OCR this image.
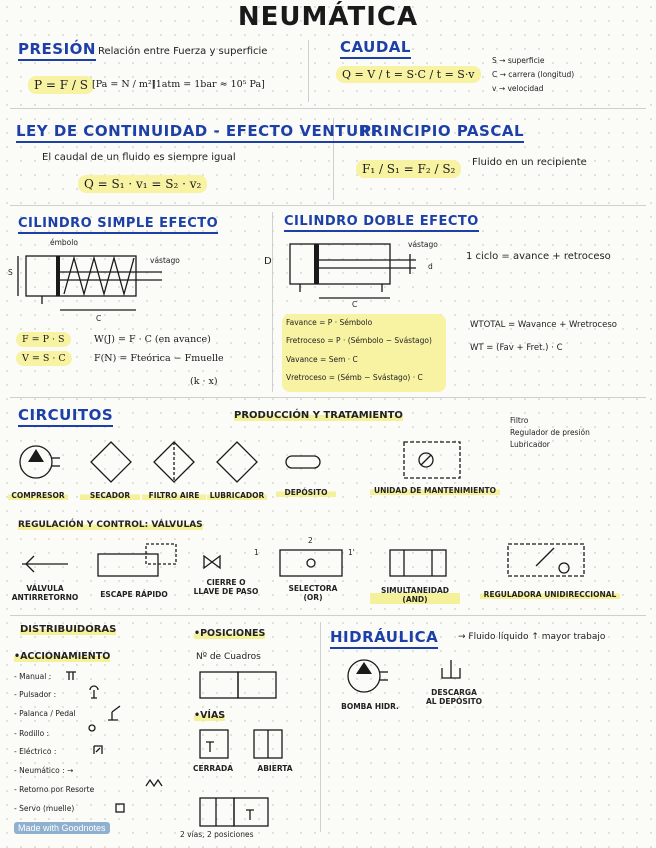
NEUMÁTICA
PRESIÓN Relación entre Fuerza y superficie
P = F / S [Pa = N / m²]
[1atm = 1bar ≈ 10⁵ Pa]
CAUDAL
Q = V / t = S·C / t = S·v
S → superficie
C → carrera (longitud)
v → velocidad
LEY DE CONTINUIDAD - EFECTO VENTURI
El caudal de un fluido es siempre igual
Q = S₁ · v₁ = S₂ · v₂
PRINCIPIO PASCAL
F₁ / S₁ = F₂ / S₂	Fluido en un recipiente
CILINDRO SIMPLE EFECTO
émbolo
vástago
S
C
F = P · S
V = S · C
W(J) = F · C (en avance)
F(N) = Fteórica − Fmuelle
(k · x)
CILINDRO DOBLE EFECTO
D
vástago
d
C
1 ciclo = avance + retroceso
Favance = P · Sémbolo
Fretroceso = P · (Sémbolo − Svástago)
Vavance = Sem · C
Vretroceso = (Sémb − Svástago) · C
WTOTAL = Wavance + Wretroceso
WT = (Fav + Fret.) · C
CIRCUITOS	PRODUCCIÓN Y TRATAMIENTO	Filtro
Regulador de presión
Lubricador
COMPRESOR	SECADOR	FILTRO AIRE	LUBRICADOR	DEPÓSITO	UNIDAD DE MANTENIMIENTO
REGULACIÓN Y CONTROL: VÁLVULAS
1
2
1'
VÁLVULA
ANTIRRETORNO	ESCAPE RÁPIDO
CIERRE O
LLAVE DE PASO	SELECTORA
(OR)
SIMULTANEIDAD
(AND)
REGULADORA UNIDIRECCIONAL
DISTRIBUIDORAS
•ACCIONAMIENTO
- Manual :
- Pulsador :
- Palanca / Pedal
- Rodillo :
- Eléctrico :
- Neumático : →
- Retorno por Resorte
- Servo (muelle)
Made with Goodnotes
•POSICIONES
Nº de Cuadros
•VÍAS
CERRADA	ABIERTA
2 vías, 2 posiciones
HIDRÁULICA → Fluido líquido ↑ mayor trabajo
BOMBA HIDR.
DESCARGA
AL DEPÓSITO
